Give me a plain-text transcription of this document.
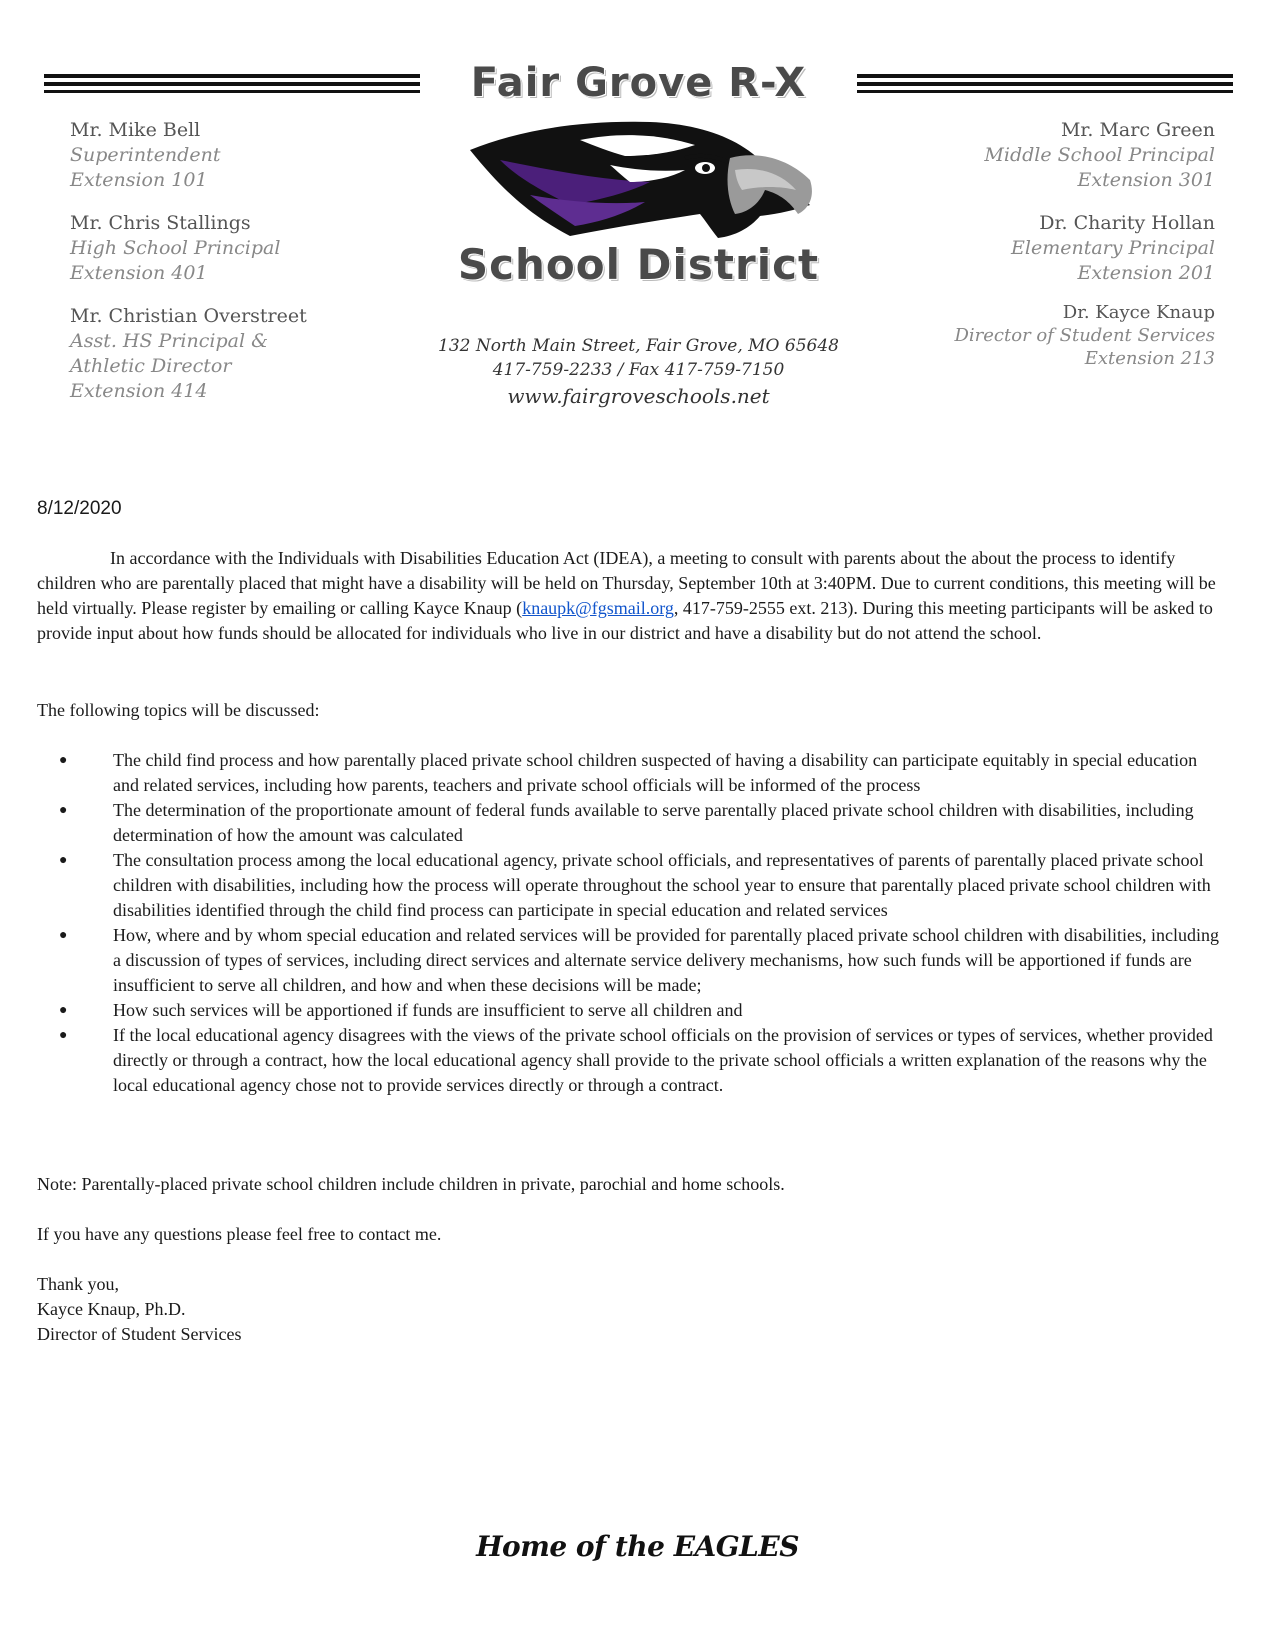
Fair Grove R-X
School District
Mr. Mike Bell
Superintendent
Extension 101
Mr. Chris Stallings
High School Principal
Extension 401
Mr. Christian Overstreet
Asst. HS Principal &
Athletic Director
Extension 414
Mr. Marc Green
Middle School Principal
Extension 301
Dr. Charity Hollan
Elementary Principal
Extension 201
Dr. Kayce Knaup
Director of Student Services
Extension 213
132 North Main Street, Fair Grove, MO 65648
417-759-2233 / Fax 417-759-7150
www.fairgroveschools.net
8/12/2020
In accordance with the Individuals with Disabilities Education Act (IDEA), a meeting to consult with parents about the about the process to identify children who are parentally placed that might have a disability will be held on Thursday, September 10th at 3:40PM. Due to current conditions, this meeting will be held virtually. Please register by emailing or calling Kayce Knaup (knaupk@fgsmail.org, 417-759-2555 ext. 213). During this meeting participants will be asked to provide input about how funds should be allocated for individuals who live in our district and have a disability but do not attend the school.
The following topics will be discussed:
●	The child find process and how parentally placed private school children suspected of having a disability can participate equitably in special education and related services, including how parents, teachers and private school officials will be informed of the process
●	The determination of the proportionate amount of federal funds available to serve parentally placed private school children with disabilities, including determination of how the amount was calculated
●	The consultation process among the local educational agency, private school officials, and representatives of parents of parentally placed private school children with disabilities, including how the process will operate throughout the school year to ensure that parentally placed private school children with disabilities identified through the child find process can participate in special education and related services
●	How, where and by whom special education and related services will be provided for parentally placed private school children with disabilities, including a discussion of types of services, including direct services and alternate service delivery mechanisms, how such funds will be apportioned if funds are insufficient to serve all children, and how and when these decisions will be made;
●	How such services will be apportioned if funds are insufficient to serve all children and
●	If the local educational agency disagrees with the views of the private school officials on the provision of services or types of services, whether provided directly or through a contract, how the local educational agency shall provide to the private school officials a written explanation of the reasons why the local educational agency chose not to provide services directly or through a contract.
Note: Parentally-placed private school children include children in private, parochial and home schools.
If you have any questions please feel free to contact me.
Thank you,
Kayce Knaup, Ph.D.
Director of Student Services
Home of the EAGLES
